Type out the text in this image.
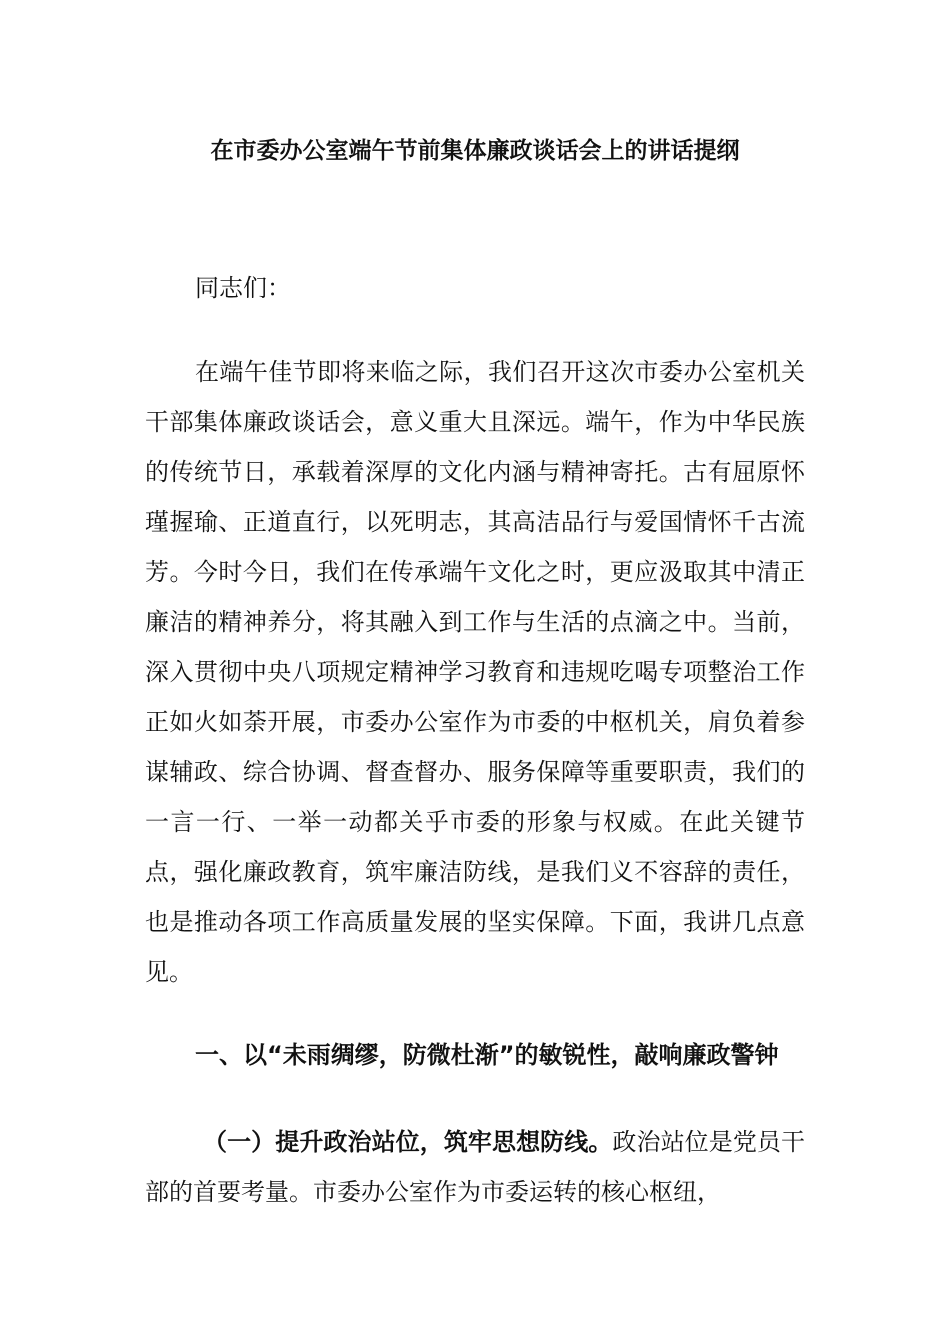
在市委办公室端午节前集体廉政谈话会上的讲话提纲

同志们：

在端午佳节即将来临之际，我们召开这次市委办公室机关干部集体廉政谈话会，意义重大且深远。端午，作为中华民族的传统节日，承载着深厚的文化内涵与精神寄托。古有屈原怀瑾握瑜、正道直行，以死明志，其高洁品行与爱国情怀千古流芳。今时今日，我们在传承端午文化之时，更应汲取其中清正廉洁的精神养分，将其融入到工作与生活的点滴之中。当前，深入贯彻中央八项规定精神学习教育和违规吃喝专项整治工作正如火如荼开展，市委办公室作为市委的中枢机关，肩负着参谋辅政、综合协调、督查督办、服务保障等重要职责，我们的一言一行、一举一动都关乎市委的形象与权威。在此关键节点，强化廉政教育，筑牢廉洁防线，是我们义不容辞的责任，也是推动各项工作高质量发展的坚实保障。下面，我讲几点意见。

一、以“未雨绸缪，防微杜渐”的敏锐性，敲响廉政警钟

（一）提升政治站位，筑牢思想防线。政治站位是党员干部的首要考量。市委办公室作为市委运转的核心枢纽，
